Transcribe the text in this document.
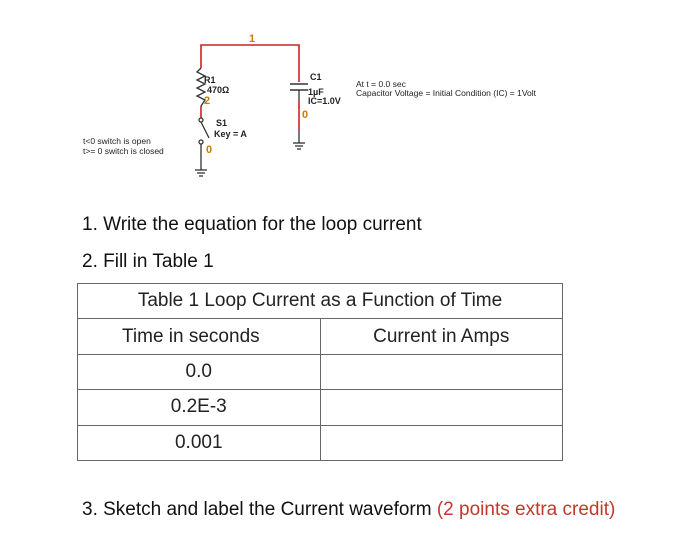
1
R1
470Ω
2
C1
1µF
IC=1.0V
0
S1
Key = A
0
t<0 switch is open
t>= 0 switch is closed
At t = 0.0 sec
Capacitor Voltage = Initial Condition (IC) = 1Volt
1. Write the equation for the loop current
2. Fill in Table 1
Table 1 Loop Current as a Function of Time	
Time in seconds	Current in Amps
0.0	
0.2E-3	
0.001	
3. Sketch and label the Current waveform (2 points extra credit)
